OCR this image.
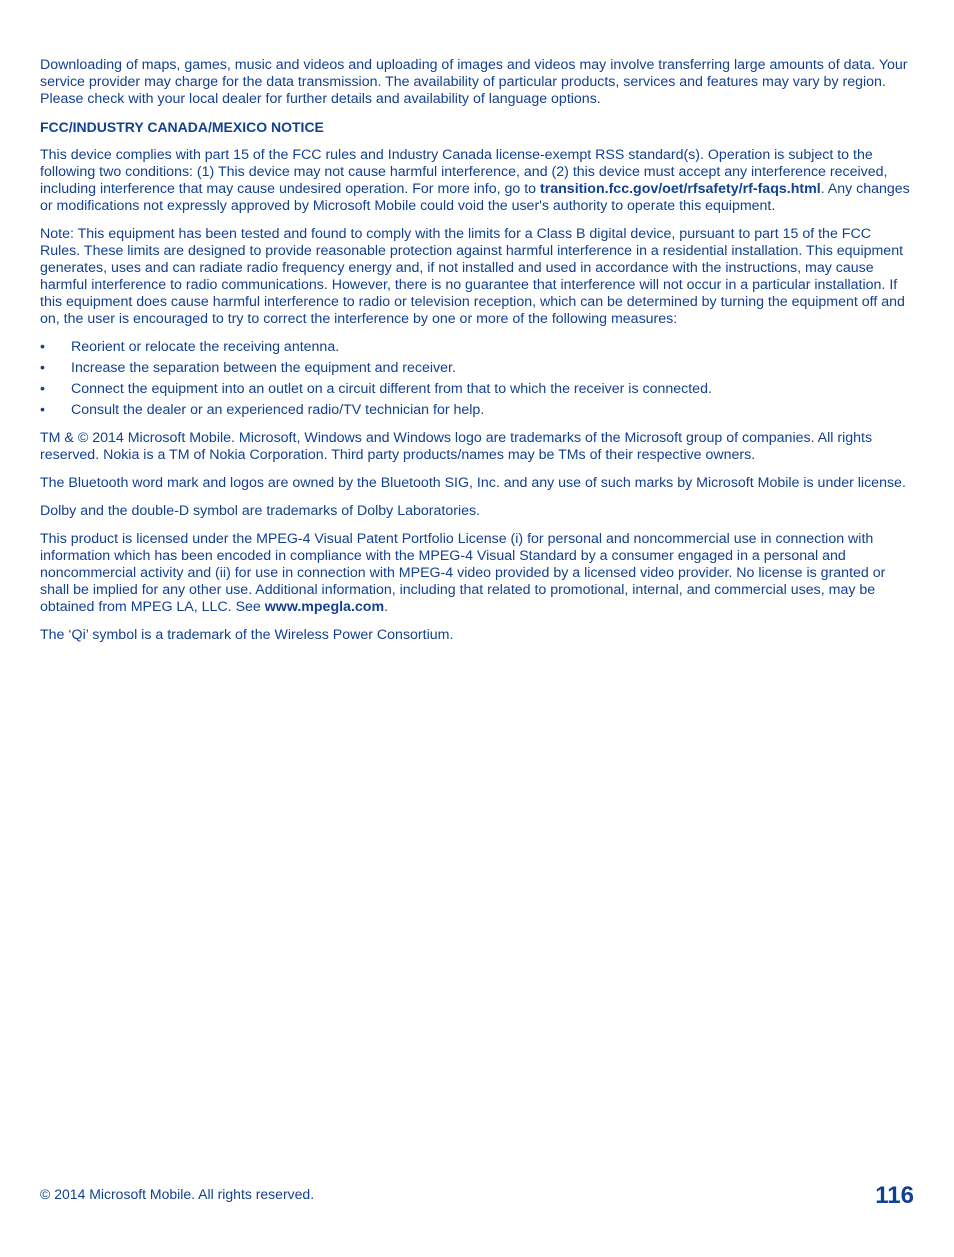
Downloading of maps, games, music and videos and uploading of images and videos may involve transferring large amounts of data. Your service provider may charge for the data transmission. The availability of particular products, services and features may vary by region. Please check with your local dealer for further details and availability of language options.

FCC/INDUSTRY CANADA/MEXICO NOTICE

This device complies with part 15 of the FCC rules and Industry Canada license-exempt RSS standard(s). Operation is subject to the following two conditions: (1) This device may not cause harmful interference, and (2) this device must accept any interference received, including interference that may cause undesired operation. For more info, go to transition.fcc.gov/oet/rfsafety/rf-faqs.html. Any changes or modifications not expressly approved by Microsoft Mobile could void the user's authority to operate this equipment.

Note: This equipment has been tested and found to comply with the limits for a Class B digital device, pursuant to part 15 of the FCC Rules. These limits are designed to provide reasonable protection against harmful interference in a residential installation. This equipment generates, uses and can radiate radio frequency energy and, if not installed and used in accordance with the instructions, may cause harmful interference to radio communications. However, there is no guarantee that interference will not occur in a particular installation. If this equipment does cause harmful interference to radio or television reception, which can be determined by turning the equipment off and on, the user is encouraged to try to correct the interference by one or more of the following measures:

• Reorient or relocate the receiving antenna.
• Increase the separation between the equipment and receiver.
• Connect the equipment into an outlet on a circuit different from that to which the receiver is connected.
• Consult the dealer or an experienced radio/TV technician for help.

TM & © 2014 Microsoft Mobile. Microsoft, Windows and Windows logo are trademarks of the Microsoft group of companies. All rights reserved. Nokia is a TM of Nokia Corporation. Third party products/names may be TMs of their respective owners.

The Bluetooth word mark and logos are owned by the Bluetooth SIG, Inc. and any use of such marks by Microsoft Mobile is under license.

Dolby and the double-D symbol are trademarks of Dolby Laboratories.

This product is licensed under the MPEG-4 Visual Patent Portfolio License (i) for personal and noncommercial use in connection with information which has been encoded in compliance with the MPEG-4 Visual Standard by a consumer engaged in a personal and noncommercial activity and (ii) for use in connection with MPEG-4 video provided by a licensed video provider. No license is granted or shall be implied for any other use. Additional information, including that related to promotional, internal, and commercial uses, may be obtained from MPEG LA, LLC. See www.mpegla.com.

The ‘Qi’ symbol is a trademark of the Wireless Power Consortium.

© 2014 Microsoft Mobile. All rights reserved.	116
